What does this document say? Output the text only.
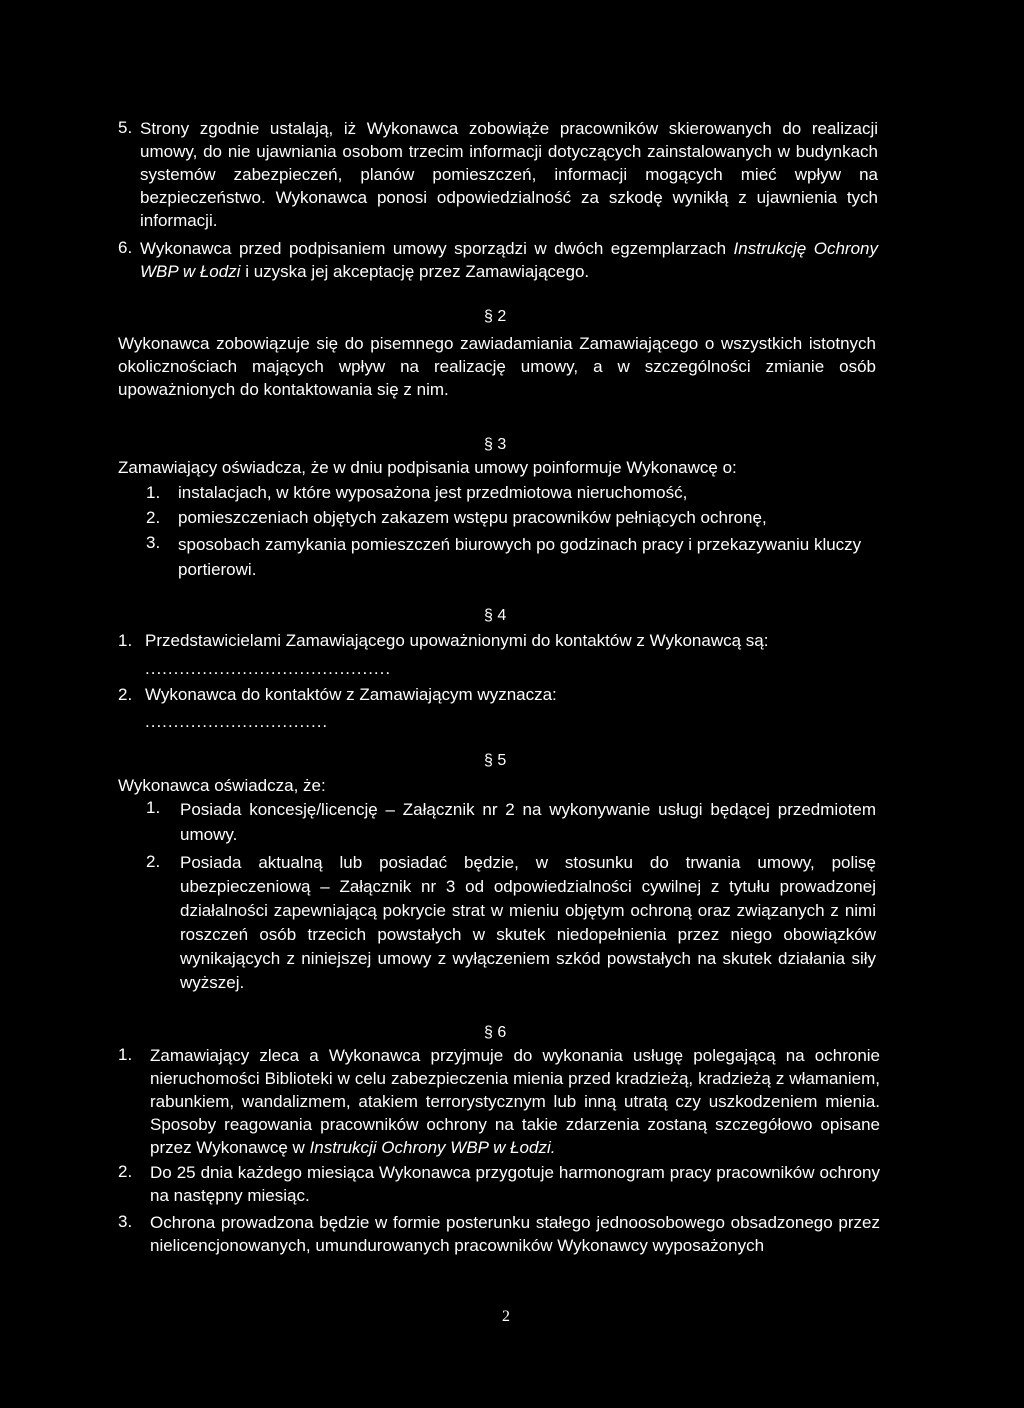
5. Strony zgodnie ustalają, iż Wykonawca zobowiąże pracowników skierowanych do realizacji umowy, do nie ujawniania osobom trzecim informacji dotyczących zainstalowanych w budynkach systemów zabezpieczeń, planów pomieszczeń, informacji mogących mieć wpływ na bezpieczeństwo. Wykonawca ponosi odpowiedzialność za szkodę wynikłą z ujawnienia tych informacji.
6. Wykonawca przed podpisaniem umowy sporządzi w dwóch egzemplarzach Instrukcję Ochrony WBP w Łodzi i uzyska jej akceptację przez Zamawiającego.
§ 2
Wykonawca zobowiązuje się do pisemnego zawiadamiania Zamawiającego o wszystkich istotnych okolicznościach mających wpływ na realizację umowy, a w szczególności zmianie osób upoważnionych do kontaktowania się z nim.
§ 3
Zamawiający oświadcza, że w dniu podpisania umowy poinformuje Wykonawcę o:
1.	instalacjach, w które wyposażona jest przedmiotowa nieruchomość,
2.	pomieszczeniach objętych zakazem wstępu pracowników pełniących ochronę,
3.	sposobach zamykania pomieszczeń biurowych po godzinach pracy i przekazywaniu kluczy portierowi.
§ 4
1. Przedstawicielami Zamawiającego upoważnionymi do kontaktów z Wykonawcą są:
...........................................
2. Wykonawca do kontaktów z Zamawiającym wyznacza:
................................
§ 5
Wykonawca oświadcza, że:
1.	Posiada koncesję/licencję – Załącznik nr 2 na wykonywanie usługi będącej przedmiotem umowy.
2.	Posiada aktualną lub posiadać będzie, w stosunku do trwania umowy, polisę ubezpieczeniową – Załącznik nr 3 od odpowiedzialności cywilnej z tytułu prowadzonej działalności zapewniającą pokrycie strat w mieniu objętym ochroną oraz związanych z nimi roszczeń osób trzecich powstałych w skutek niedopełnienia przez niego obowiązków wynikających z niniejszej umowy z wyłączeniem szkód powstałych na skutek działania siły wyższej.
§ 6
1.	Zamawiający zleca a Wykonawca przyjmuje do wykonania usługę polegającą na ochronie nieruchomości Biblioteki w celu zabezpieczenia mienia przed kradzieżą, kradzieżą z włamaniem, rabunkiem, wandalizmem, atakiem terrorystycznym lub inną utratą czy uszkodzeniem mienia. Sposoby reagowania pracowników ochrony na takie zdarzenia zostaną szczegółowo opisane przez Wykonawcę w Instrukcji Ochrony WBP w Łodzi.
2.	Do 25 dnia każdego miesiąca Wykonawca przygotuje harmonogram pracy pracowników ochrony na następny miesiąc.
3.	Ochrona prowadzona będzie w formie posterunku stałego jednoosobowego obsadzonego przez nielicencjonowanych, umundurowanych pracowników Wykonawcy wyposażonych
2
